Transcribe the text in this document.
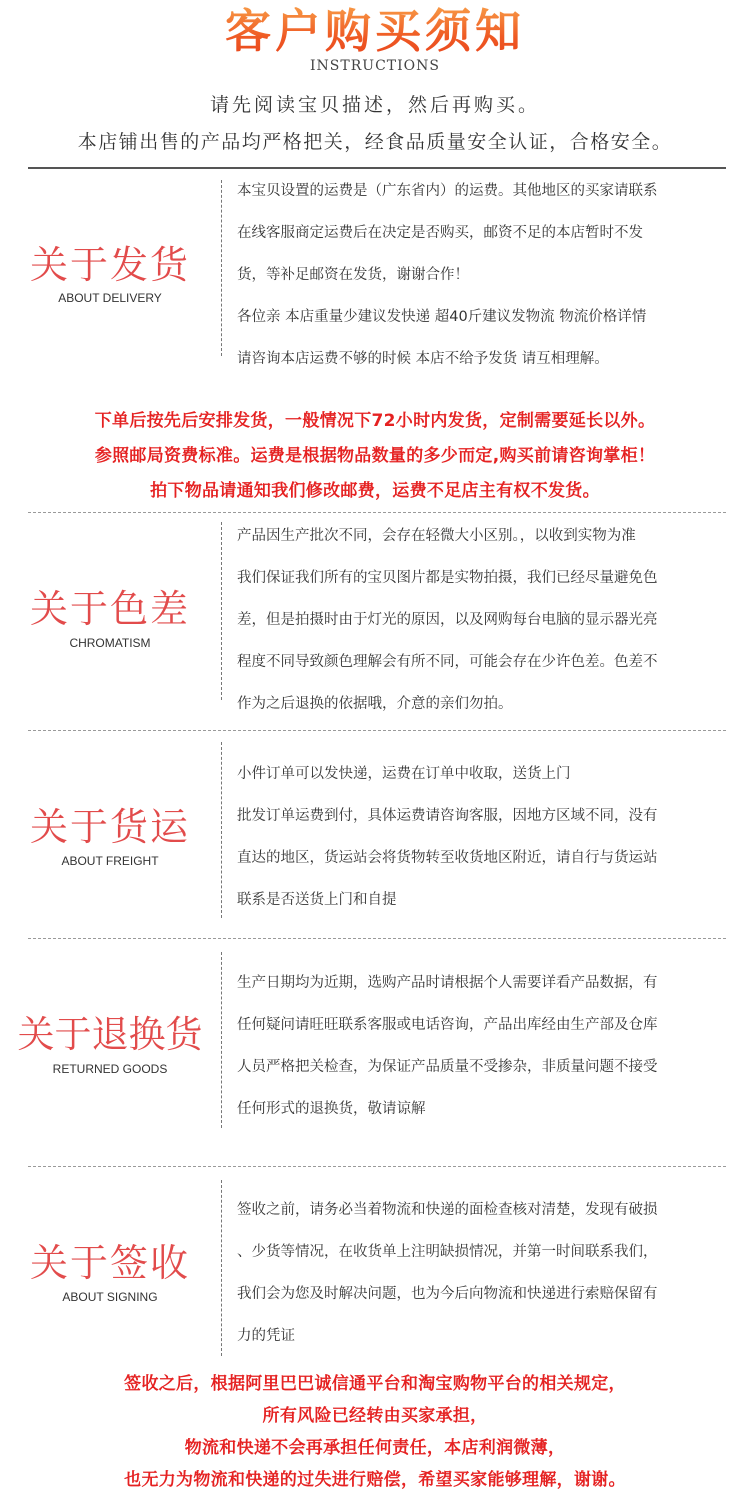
客户购买须知
INSTRUCTIONS
请先阅读宝贝描述，然后再购买。
本店铺出售的产品均严格把关，经食品质量安全认证，合格安全。
关于发货
ABOUT DELIVERY

本宝贝设置的运费是（广东省内）的运费。其他地区的买家请联系

在线客服商定运费后在决定是否购买，邮资不足的本店暂时不发

货，等补足邮资在发货，谢谢合作！

各位亲 本店重量少建议发快递 超40斤建议发物流 物流价格详情

请咨询本店运费不够的时候 本店不给予发货 请互相理解。

下单后按先后安排发货，一般情况下72小时内发货，定制需要延长以外。

参照邮局资费标准。运费是根据物品数量的多少而定,购买前请咨询掌柜！

拍下物品请通知我们修改邮费，运费不足店主有权不发货。

关于色差
CHROMATISM

产品因生产批次不同，会存在轻微大小区别。，以收到实物为准

我们保证我们所有的宝贝图片都是实物拍摄，我们已经尽量避免色

差，但是拍摄时由于灯光的原因，以及网购每台电脑的显示器光亮

程度不同导致颜色理解会有所不同，可能会存在少许色差。色差不

作为之后退换的依据哦，介意的亲们勿拍。

关于货运
ABOUT FREIGHT

小件订单可以发快递，运费在订单中收取，送货上门

批发订单运费到付，具体运费请咨询客服，因地方区域不同，没有

直达的地区，货运站会将货物转至收货地区附近，请自行与货运站

联系是否送货上门和自提

关于退换货
RETURNED GOODS

生产日期均为近期，选购产品时请根据个人需要详看产品数据，有

任何疑问请旺旺联系客服或电话咨询，产品出库经由生产部及仓库

人员严格把关检查，为保证产品质量不受掺杂，非质量问题不接受

任何形式的退换货，敬请谅解

关于签收
ABOUT SIGNING

签收之前，请务必当着物流和快递的面检查核对清楚，发现有破损

、少货等情况，在收货单上注明缺损情况，并第一时间联系我们，

我们会为您及时解决问题，也为今后向物流和快递进行索赔保留有

力的凭证

签收之后，根据阿里巴巴诚信通平台和淘宝购物平台的相关规定，

所有风险已经转由买家承担，

物流和快递不会再承担任何责任，本店利润微薄，

也无力为物流和快递的过失进行赔偿，希望买家能够理解，谢谢。
